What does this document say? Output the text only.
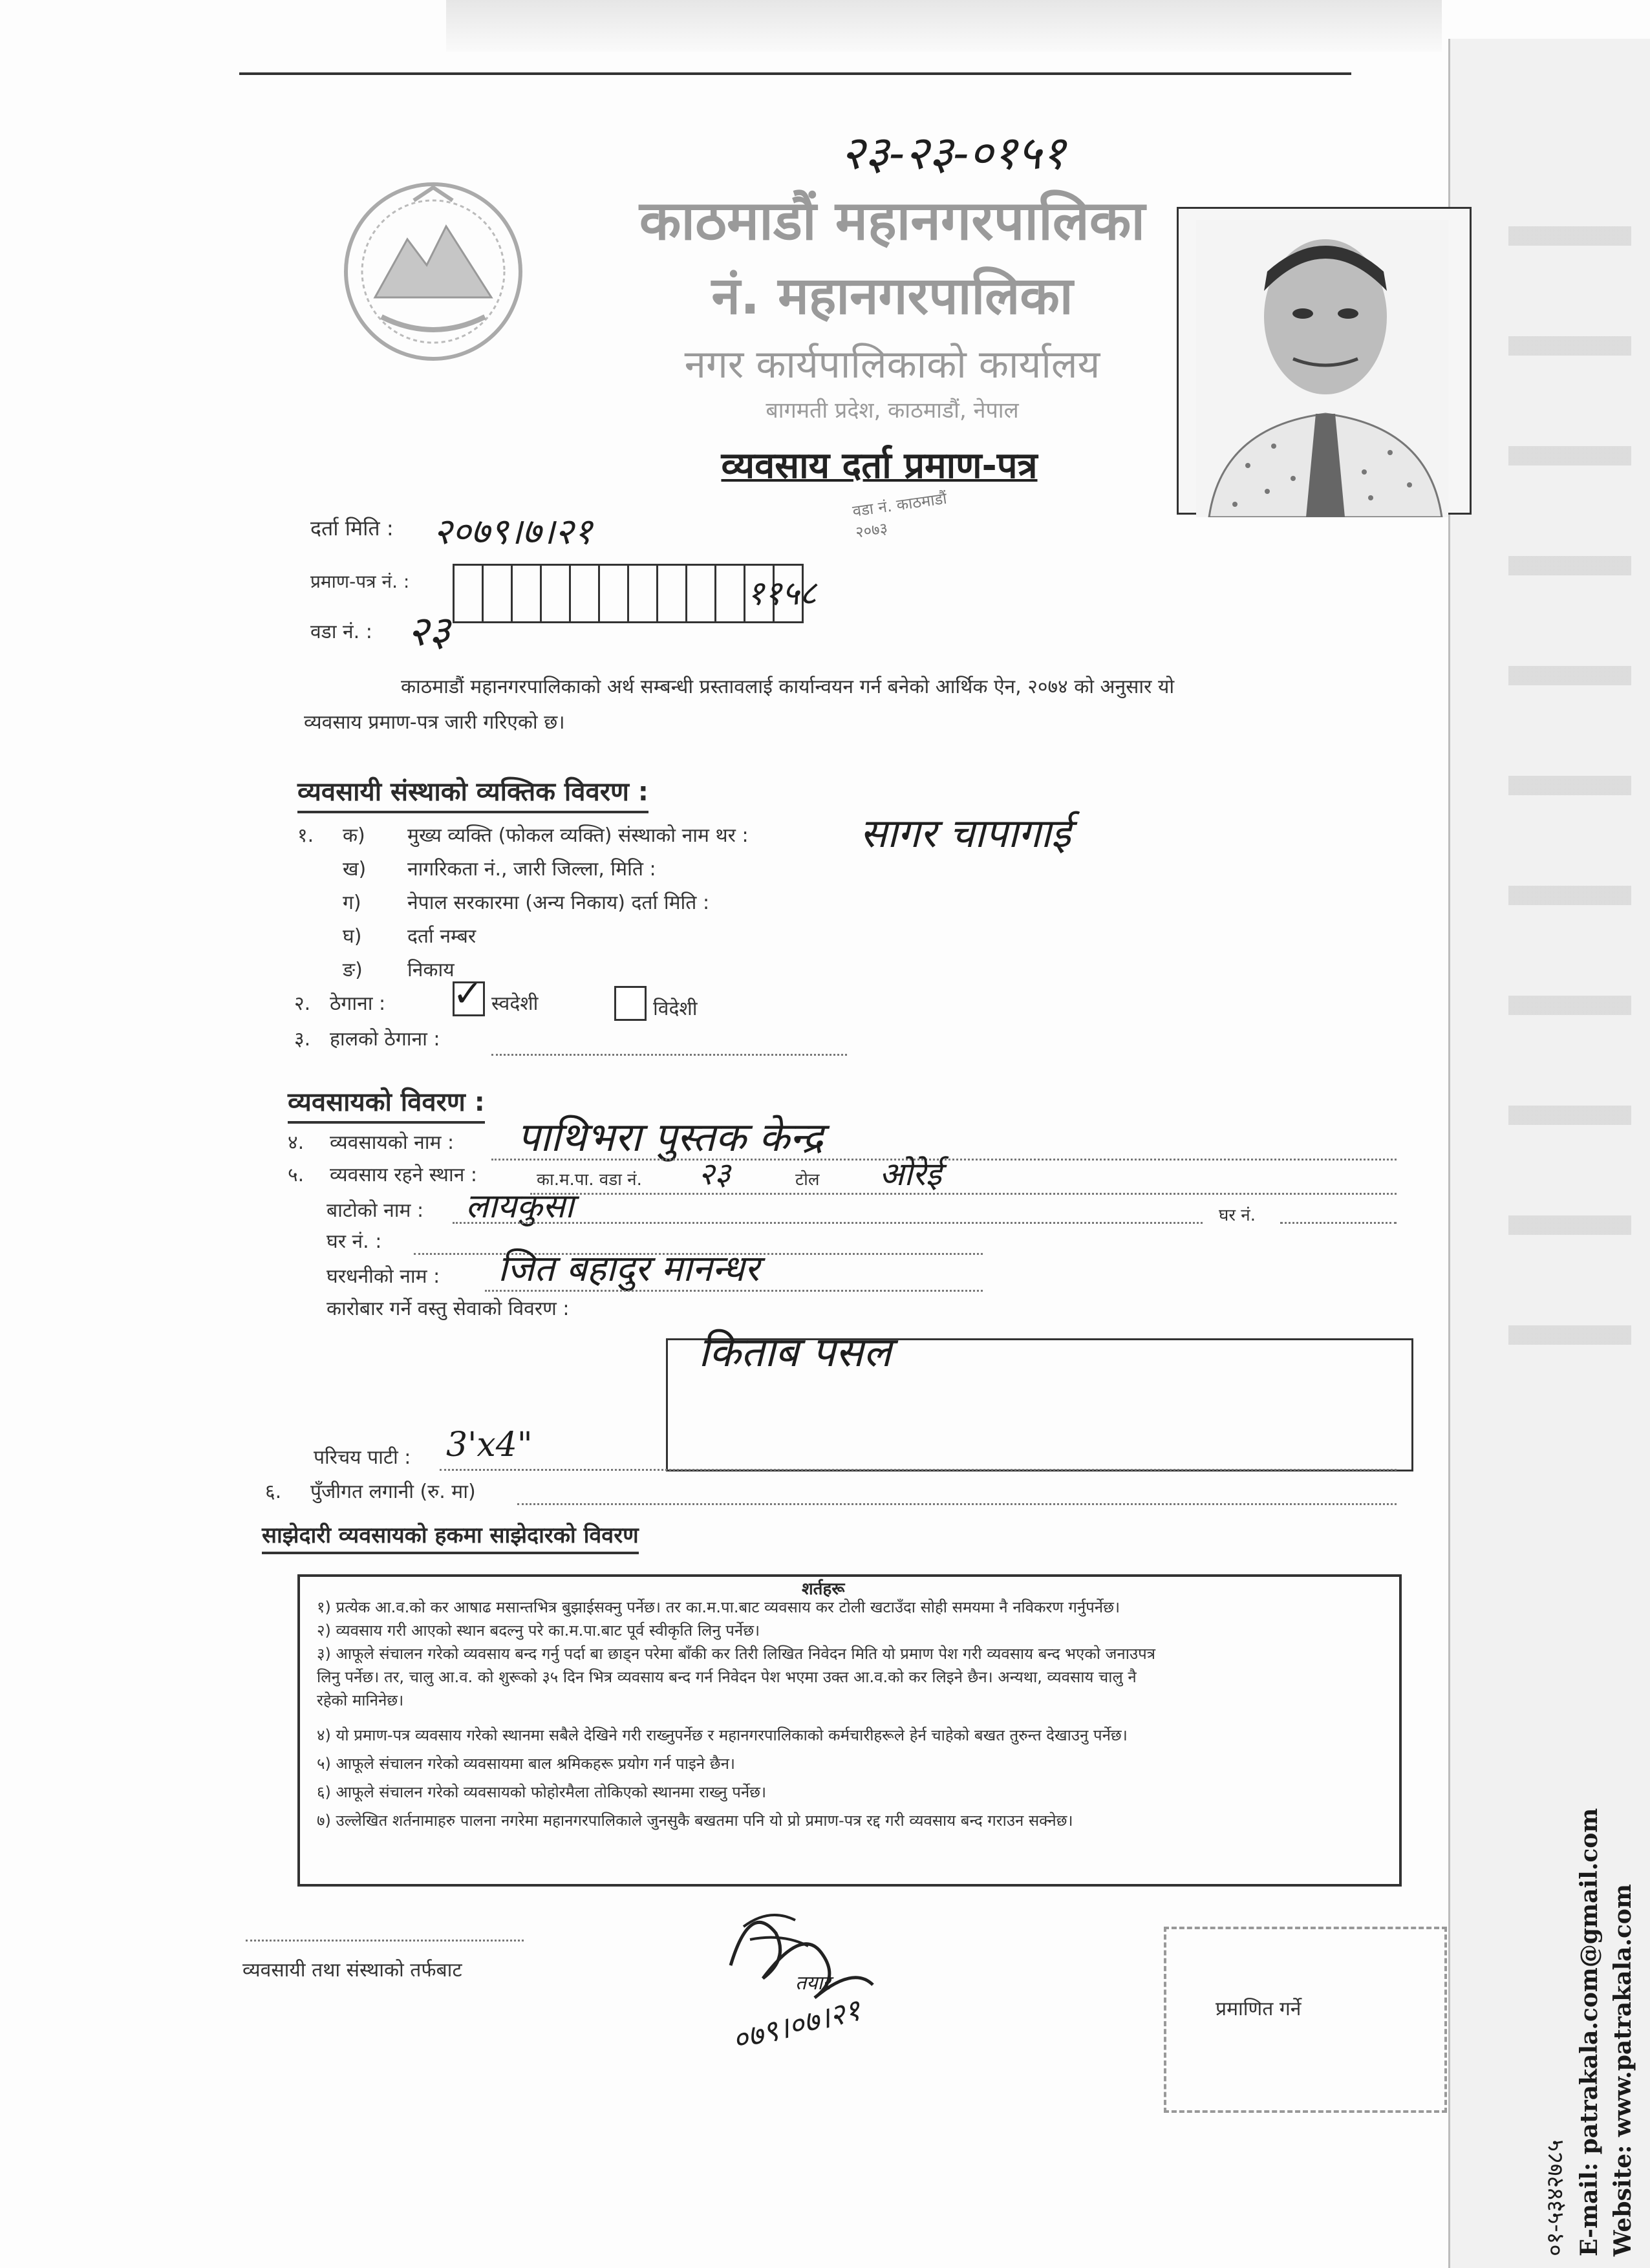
०१-५३४२७८५ E-mail: patrakala.com@gmail.com Website: www.patrakala.com
२३-२३-०१५१
काठमाडौं महानगरपालिका
नं. महानगरपालिका
नगर कार्यपालिकाको कार्यालय
बागमती प्रदेश, काठमाडौं, नेपाल
व्यवसाय दर्ता प्रमाण-पत्र
वडा नं. काठमाडौं २०७३
दर्ता मिति : २०७९।७।२१
प्रमाण-पत्र नं. :	११५८
वडा नं. : २३
काठमाडौं महानगरपालिकाको अर्थ सम्बन्धी प्रस्तावलाई कार्यान्वयन गर्न बनेको आर्थिक ऐन, २०७४ को अनुसार यो
व्यवसाय प्रमाण-पत्र जारी गरिएको छ।
व्यवसायी संस्थाको व्यक्तिक विवरण :
१. क) मुख्य व्यक्ति (फोकल व्यक्ति) संस्थाको नाम थर :	सागर चापागाई
ख) नागरिकता नं., जारी जिल्ला, मिति :
ग) नेपाल सरकारमा (अन्य निकाय) दर्ता मिति :
घ) दर्ता नम्बर
ङ) निकाय
२. ठेगाना : ✓ स्वदेशी	विदेशी
३. हालको ठेगाना :
व्यवसायको विवरण :
४. व्यवसायको नाम : पाथिभरा पुस्तक केन्द्र
५. व्यवसाय रहने स्थान :	का.म.पा. वडा नं. २३	टोल ओरेई
बाटोको नाम : लायकुसा	घर नं.
घर नं. :
घरधनीको नाम : जित बहादुर मानन्धर
कारोबार गर्ने वस्तु सेवाको विवरण :
किताब पसल
परिचय पाटी : 3'x4"
६. पुँजीगत लगानी (रु. मा)
साझेदारी व्यवसायको हकमा साझेदारको विवरण
शर्तहरू
१) प्रत्येक आ.व.को कर आषाढ मसान्तभित्र बुझाईसक्नु पर्नेछ। तर का.म.पा.बाट व्यवसाय कर टोली खटाउँदा सोही समयमा नै नविकरण गर्नुपर्नेछ।
२) व्यवसाय गरी आएको स्थान बदल्नु परे का.म.पा.बाट पूर्व स्वीकृति लिनु पर्नेछ।
३) आफूले संचालन गरेको व्यवसाय बन्द गर्नु पर्दा बा छाड्न परेमा बाँकी कर तिरी लिखित निवेदन मिति यो प्रमाण पेश गरी व्यवसाय बन्द भएको जनाउपत्र
लिनु पर्नेछ। तर, चालु आ.व. को शुरूको ३५ दिन भित्र व्यवसाय बन्द गर्न निवेदन पेश भएमा उक्त आ.व.को कर लिइने छैन। अन्यथा, व्यवसाय चालु नै
रहेको मानिनेछ।
४) यो प्रमाण-पत्र व्यवसाय गरेको स्थानमा सबैले देखिने गरी राख्नुपर्नेछ र महानगरपालिकाको कर्मचारीहरूले हेर्न चाहेको बखत तुरुन्त देखाउनु पर्नेछ।
५) आफूले संचालन गरेको व्यवसायमा बाल श्रमिकहरू प्रयोग गर्न पाइने छैन।
६) आफूले संचालन गरेको व्यवसायको फोहोरमैला तोकिएको स्थानमा राख्नु पर्नेछ।
७) उल्लेखित शर्तनामाहरु पालना नगरेमा महानगरपालिकाले जुनसुकै बखतमा पनि यो प्रो प्रमाण-पत्र रद्द गरी व्यवसाय बन्द गराउन सक्नेछ।
व्यवसायी तथा संस्थाको तर्फबाट
तयार
०७९।०७।२१	प्रमाणित गर्ने
